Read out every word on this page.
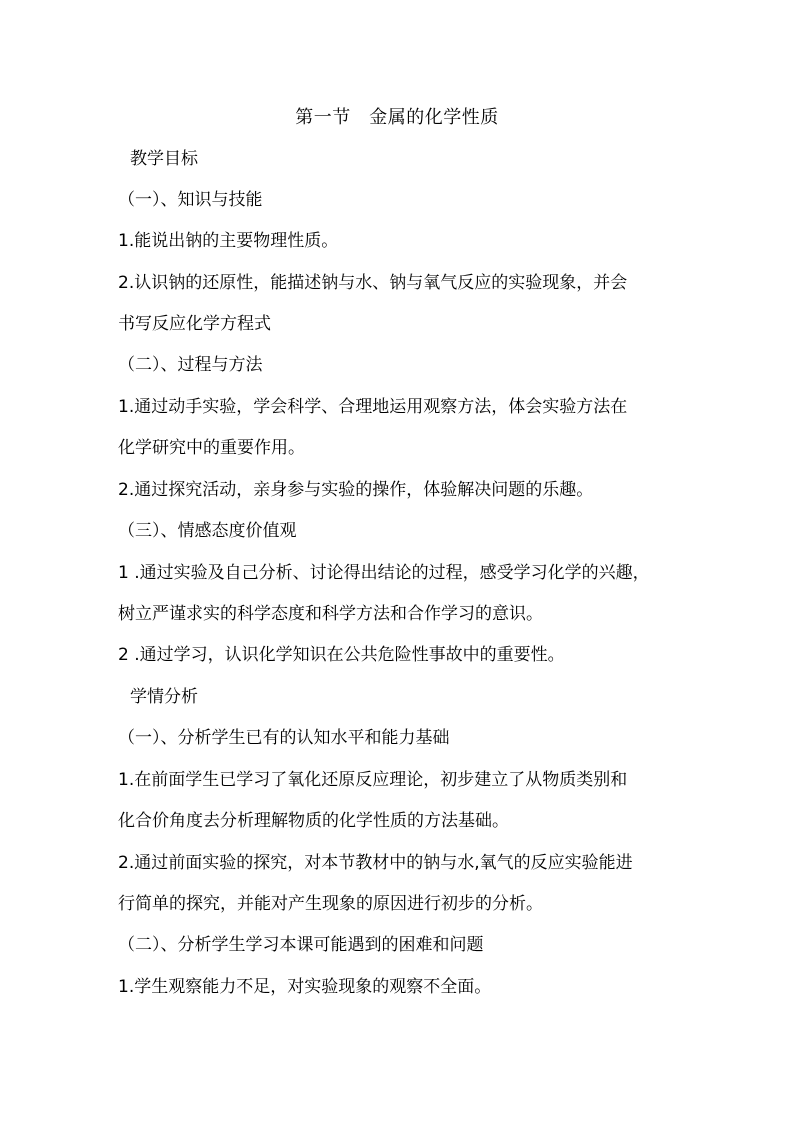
第一节　金属的化学性质
教学目标
（一）、知识与技能
1.能说出钠的主要物理性质。
2.认识钠的还原性，能描述钠与水、钠与氧气反应的实验现象，并会
书写反应化学方程式
（二）、过程与方法
1.通过动手实验，学会科学、合理地运用观察方法，体会实验方法在
化学研究中的重要作用。
2.通过探究活动，亲身参与实验的操作，体验解决问题的乐趣。
（三）、情感态度价值观
1 .通过实验及自己分析、讨论得出结论的过程，感受学习化学的兴趣，
树立严谨求实的科学态度和科学方法和合作学习的意识。
2 .通过学习，认识化学知识在公共危险性事故中的重要性。
学情分析
（一）、分析学生已有的认知水平和能力基础
1.在前面学生已学习了氧化还原反应理论，初步建立了从物质类别和
化合价角度去分析理解物质的化学性质的方法基础。
2.通过前面实验的探究，对本节教材中的钠与水,氧气的反应实验能进
行简单的探究，并能对产生现象的原因进行初步的分析。
（二）、分析学生学习本课可能遇到的困难和问题
1.学生观察能力不足，对实验现象的观察不全面。
